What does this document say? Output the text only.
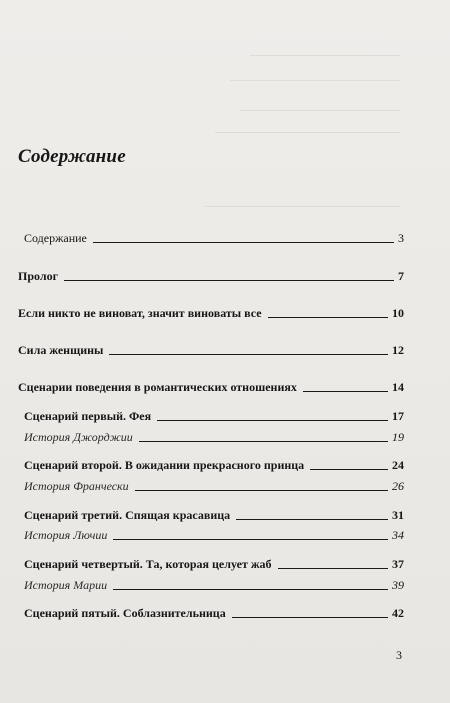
Содержание
Содержание	3
Пролог	7
Если никто не виноват, значит виноваты все	10
Сила женщины	12
Сценарии поведения в романтических отношениях	14
Сценарий первый. Фея	17
История Джорджии	19
Сценарий второй. В ожидании прекрасного принца	24
История Франчески	26
Сценарий третий. Спящая красавица	31
История Лючии	34
Сценарий четвертый. Та, которая целует жаб	37
История Марии	39
Сценарий пятый. Соблазнительница	42
3
